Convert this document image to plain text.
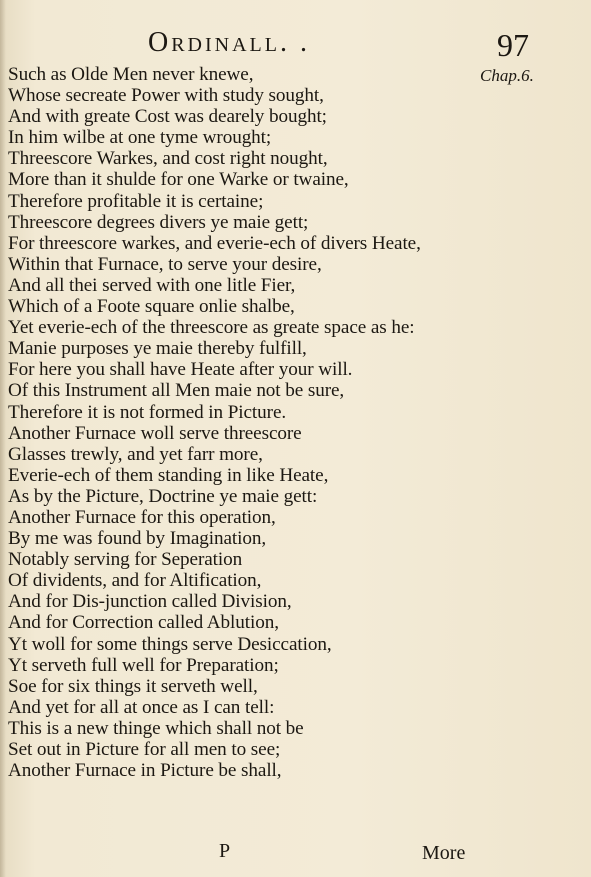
Ordinall. .	97
Chap.6.
Such as Olde Men never knewe,
Whose secreate Power with study sought,
And with greate Cost was dearely bought;
In him wilbe at one tyme wrought;
Threescore Warkes, and cost right nought,
More than it shulde for one Warke or twaine,
Therefore profitable it is certaine;
Threescore degrees divers ye maie gett;
For threescore warkes, and everie-ech of divers Heate,
Within that Furnace, to serve your desire,
And all thei served with one litle Fier,
Which of a Foote square onlie shalbe,
Yet everie-ech of the threescore as greate space as he:
Manie purposes ye maie thereby fulfill,
For here you shall have Heate after your will.
Of this Instrument all Men maie not be sure,
Therefore it is not formed in Picture.
Another Furnace woll serve threescore
Glasses trewly, and yet farr more,
Everie-ech of them standing in like Heate,
As by the Picture, Doctrine ye maie gett:
Another Furnace for this operation,
By me was found by Imagination,
Notably serving for Seperation
Of dividents, and for Altification,
And for Dis-junction called Division,
And for Correction called Ablution,
Yt woll for some things serve Desiccation,
Yt serveth full well for Preparation;
Soe for six things it serveth well,
And yet for all at once as I can tell:
This is a new thinge which shall not be
Set out in Picture for all men to see;
Another Furnace in Picture be shall,
P	More
